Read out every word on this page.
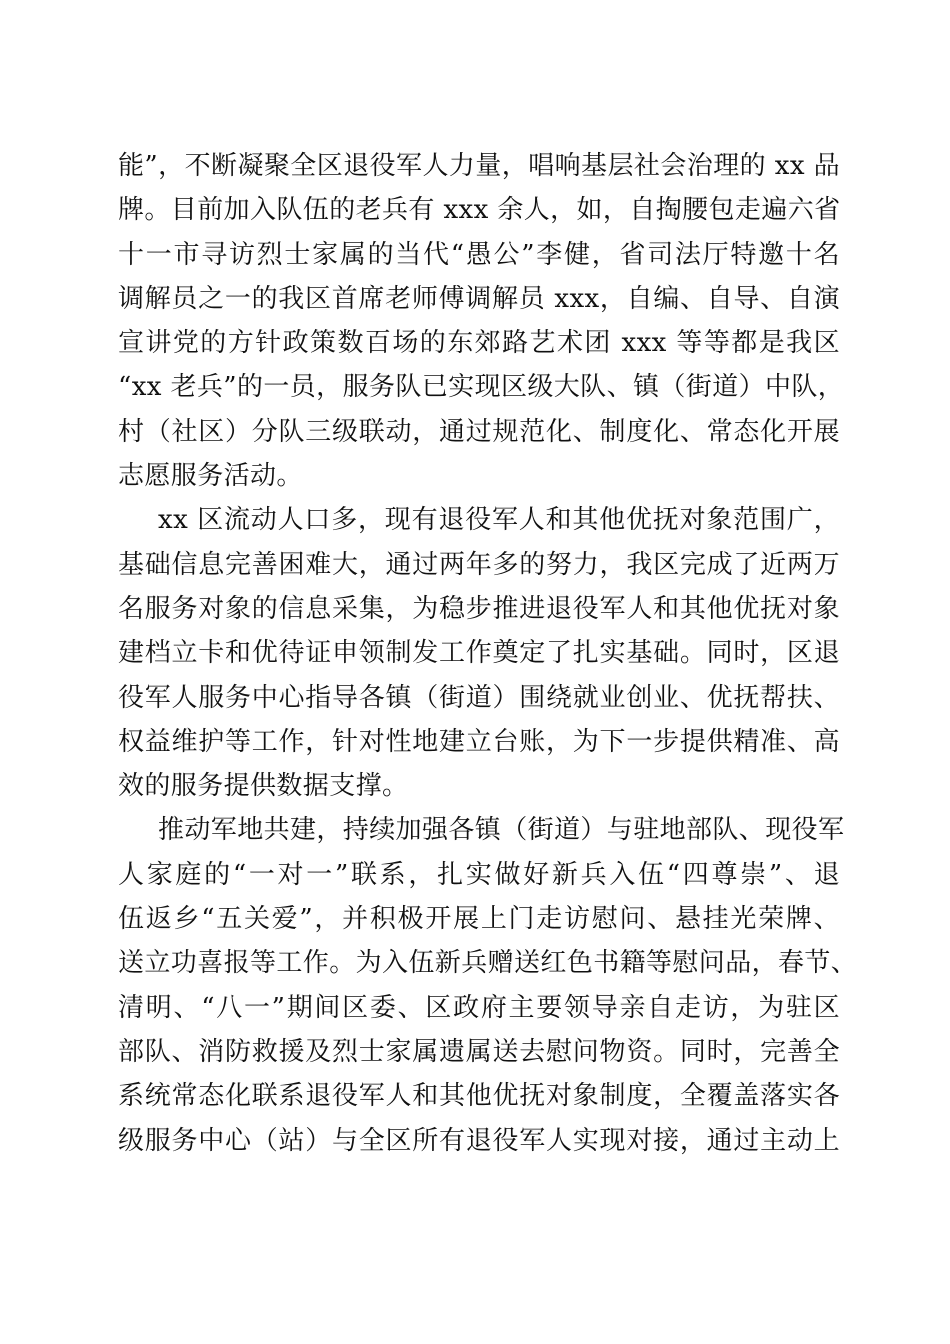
能”，不断凝聚全区退役军人力量，唱响基层社会治理的 xx 品
牌。目前加入队伍的老兵有 xxx 余人，如，自掏腰包走遍六省
十一市寻访烈士家属的当代“愚公”李健，省司法厅特邀十名
调解员之一的我区首席老师傅调解员 xxx，自编、自导、自演
宣讲党的方针政策数百场的东郊路艺术团 xxx 等等都是我区
“xx 老兵”的一员，服务队已实现区级大队、镇（街道）中队，
村（社区）分队三级联动，通过规范化、制度化、常态化开展
志愿服务活动。
xx 区流动人口多，现有退役军人和其他优抚对象范围广，
基础信息完善困难大，通过两年多的努力，我区完成了近两万
名服务对象的信息采集，为稳步推进退役军人和其他优抚对象
建档立卡和优待证申领制发工作奠定了扎实基础。同时，区退
役军人服务中心指导各镇（街道）围绕就业创业、优抚帮扶、
权益维护等工作，针对性地建立台账，为下一步提供精准、高
效的服务提供数据支撑。
推动军地共建，持续加强各镇（街道）与驻地部队、现役军
人家庭的“一对一”联系，扎实做好新兵入伍“四尊崇”、退
伍返乡“五关爱”，并积极开展上门走访慰问、悬挂光荣牌、
送立功喜报等工作。为入伍新兵赠送红色书籍等慰问品，春节、
清明、“八一”期间区委、区政府主要领导亲自走访，为驻区
部队、消防救援及烈士家属遗属送去慰问物资。同时，完善全
系统常态化联系退役军人和其他优抚对象制度，全覆盖落实各
级服务中心（站）与全区所有退役军人实现对接，通过主动上
